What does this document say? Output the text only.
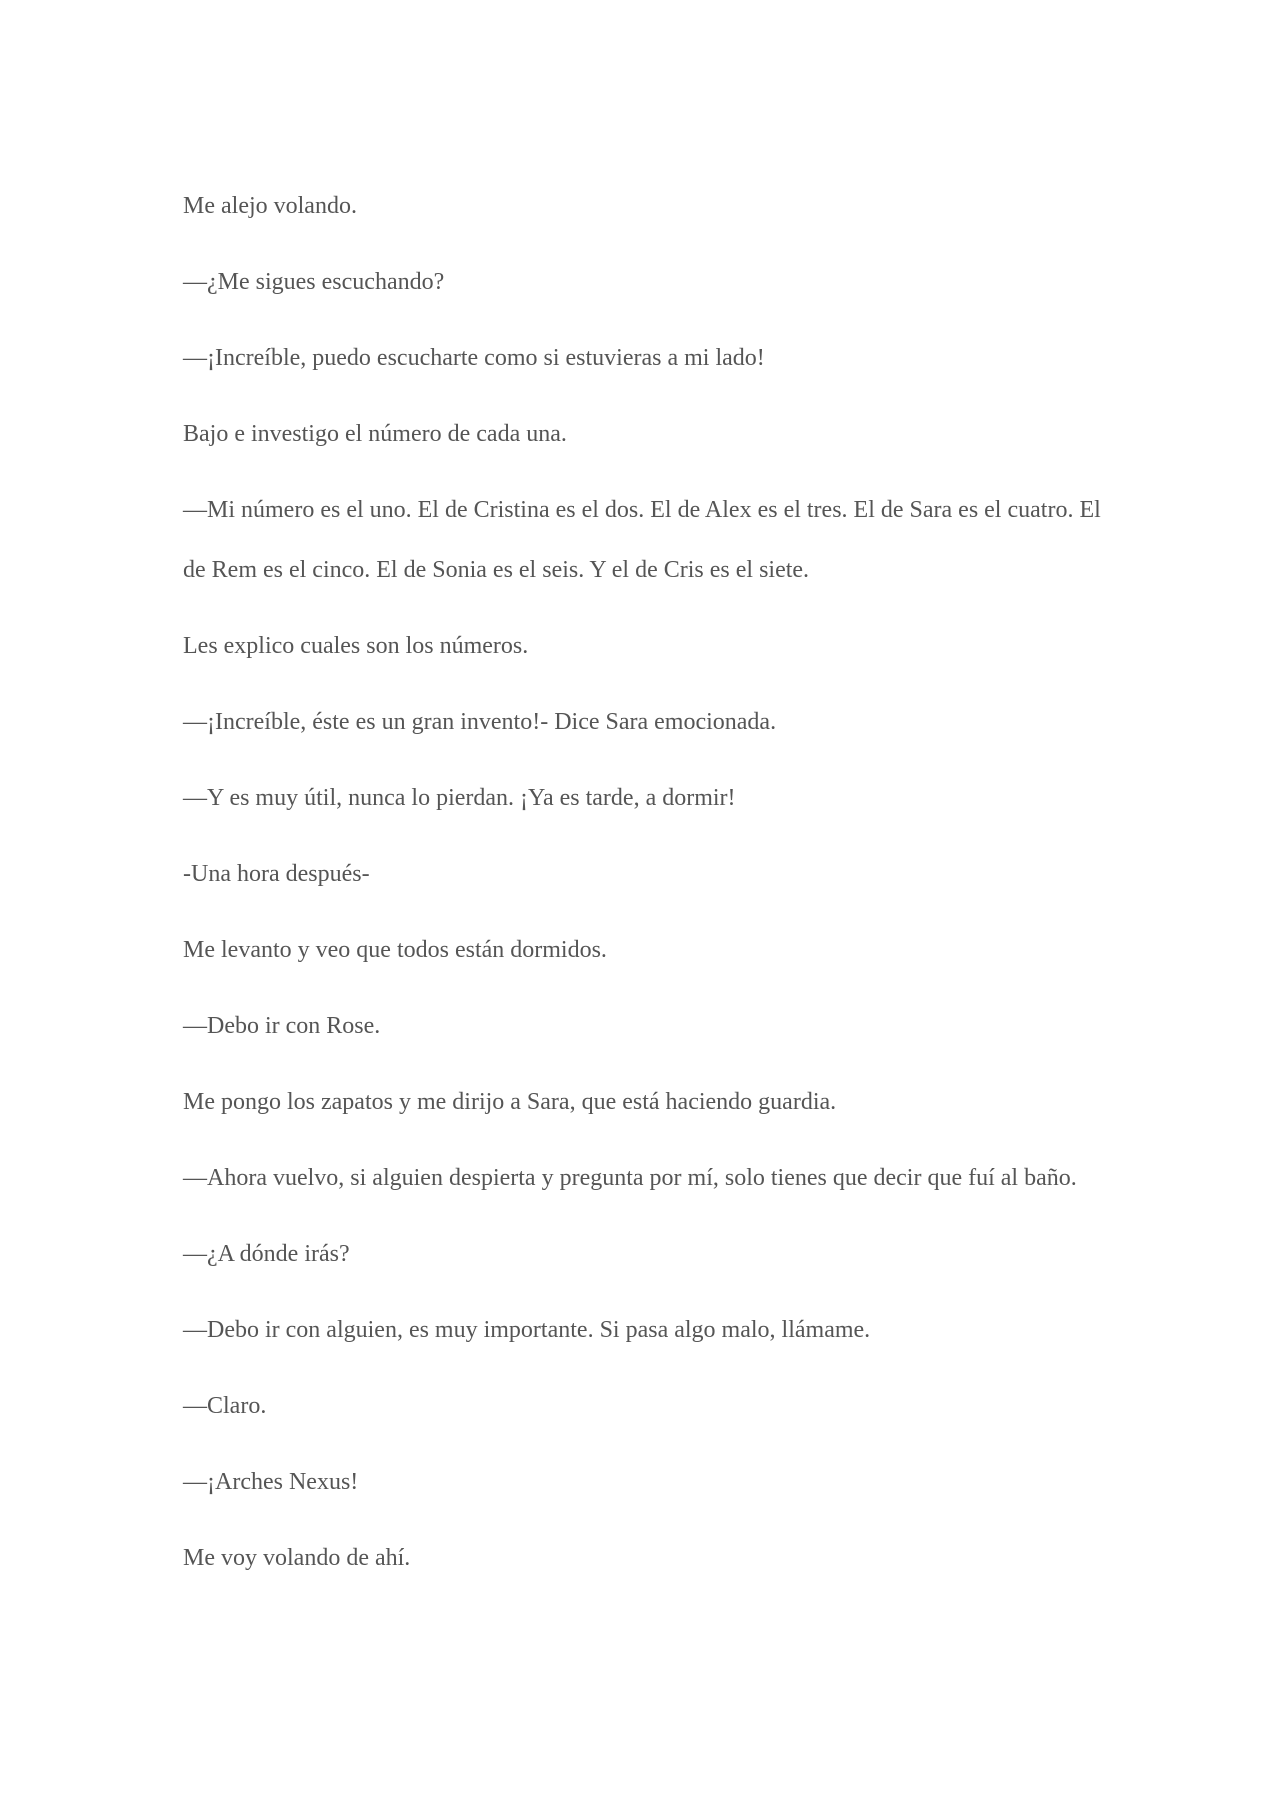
Me alejo volando.

—¿Me sigues escuchando?

—¡Increíble, puedo escucharte como si estuvieras a mi lado!

Bajo e investigo el número de cada una.

—Mi número es el uno. El de Cristina es el dos. El de Alex es el tres. El de Sara es el cuatro. El de Rem es el cinco. El de Sonia es el seis. Y el de Cris es el siete.

Les explico cuales son los números.

—¡Increíble, éste es un gran invento!- Dice Sara emocionada.

—Y es muy útil, nunca lo pierdan. ¡Ya es tarde, a dormir!

-Una hora después-

Me levanto y veo que todos están dormidos.

—Debo ir con Rose.

Me pongo los zapatos y me dirijo a Sara, que está haciendo guardia.

—Ahora vuelvo, si alguien despierta y pregunta por mí, solo tienes que decir que fuí al baño.

—¿A dónde irás?

—Debo ir con alguien, es muy importante. Si pasa algo malo, llámame.

—Claro.

—¡Arches Nexus!

Me voy volando de ahí.
